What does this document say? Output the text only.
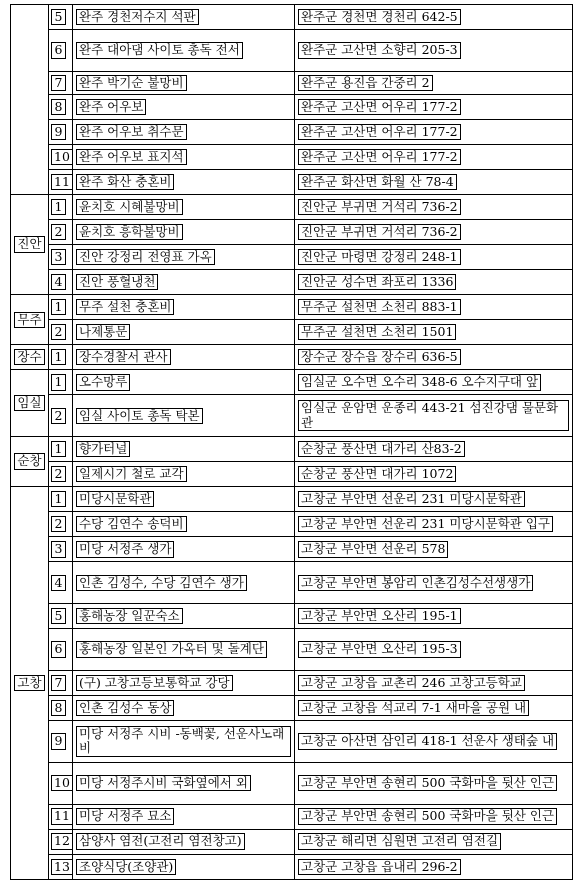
	5	완주 경천저수지 석판	완주군 경천면 경천리 642-5
	6	완주 대아댐 사이토 총독 전서	완주군 고산면 소향리 205-3
	7	완주 박기순 불망비	완주군 용진읍 간중리 2
	8	완주 어우보	완주군 고산면 어우리 177-2
	9	완주 어우보 취수문	완주군 고산면 어우리 177-2
	10	완주 어우보 표지석	완주군 고산면 어우리 177-2
	11	완주 화산 충혼비	완주군 화산면 화월 산 78-4
진안	1	윤치호 시혜불망비	진안군 부귀면 거석리 736-2
	2	윤치호 흥학불망비	진안군 부귀면 거석리 736-2
	3	진안 강정리 전영표 가옥	진안군 마령면 강정리 248-1
	4	진안 풍혈냉천	진안군 성수면 좌포리 1336
무주	1	무주 설천 충혼비	무주군 설천면 소천리 883-1
	2	나제통문	무주군 설천면 소천리 1501
장수	1	장수경찰서 관사	장수군 장수읍 장수리 636-5
임실	1	오수망루	임실군 오수면 오수리 348-6 오수지구대 앞
	2	임실 사이토 총독 탁본	임실군 운암면 운종리 443-21 섬진강댐 물문화관
순창	1	향가터널	순창군 풍산면 대가리 산83-2
	2	일제시기 철로 교각	순창군 풍산면 대가리 1072
고창	1	미당시문학관	고창군 부안면 선운리 231 미당시문학관
	2	수당 김연수 송덕비	고창군 부안면 선운리 231 미당시문학관 입구
	3	미당 서정주 생가	고창군 부안면 선운리 578
	4	인촌 김성수, 수당 김연수 생가	고창군 부안면 봉암리 인촌김성수선생생가
	5	홍해농장 일꾼숙소	고창군 부안면 오산리 195-1
	6	홍해농장 일본인 가옥터 및 돌계단	고창군 부안면 오산리 195-3
	7	(구) 고창고등보통학교 강당	고창군 고창읍 교촌리 246 고창고등학교
	8	인촌 김성수 동상	고창군 고창읍 석교리 7-1 새마을 공원 내
	9	미당 서정주 시비 -동백꽃, 선운사노래비	고창군 아산면 삼인리 418-1 선운사 생태숲 내
	10	미당 서정주시비 국화옆에서 외	고창군 부안면 송현리 500 국화마을 뒷산 인근
	11	미당 서정주 묘소	고창군 부안면 송현리 500 국화마을 뒷산 인근
	12	삼양사 염전(고전리 염전창고)	고창군 해리면 심원면 고전리 염전길
	13	조양식당(조양관)	고창군 고창읍 읍내리 296-2
